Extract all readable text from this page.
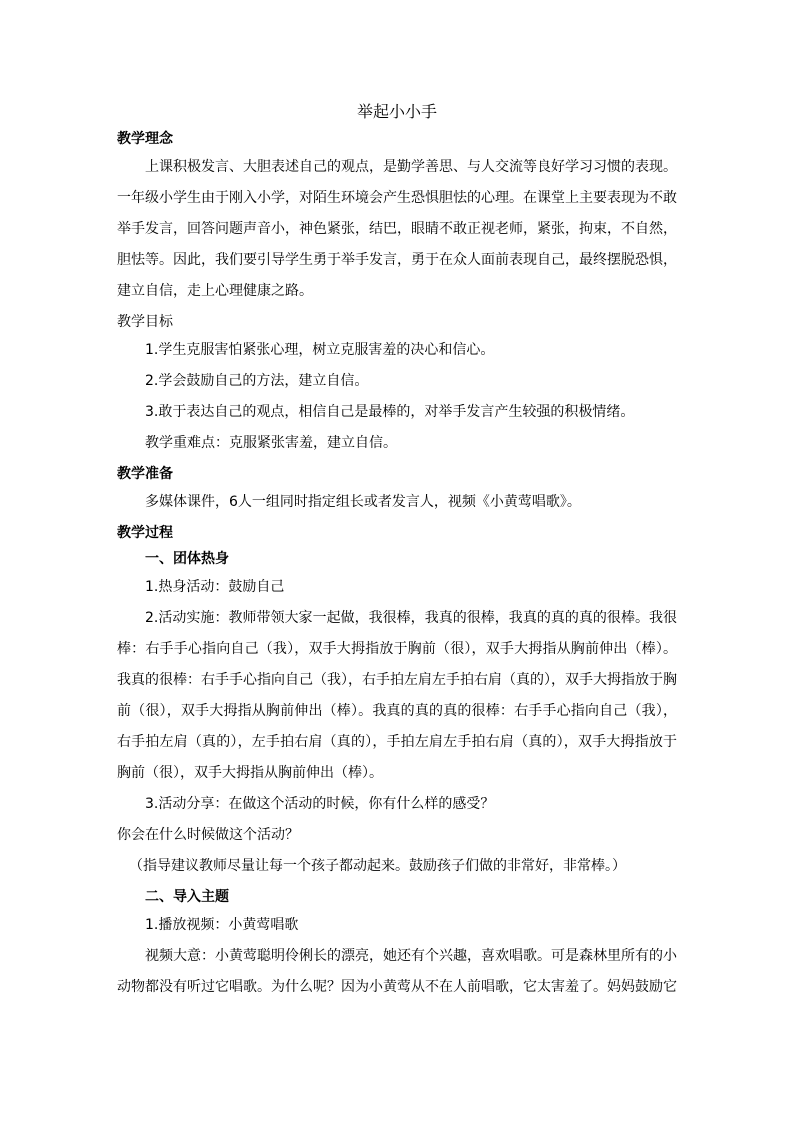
举起小小手
教学理念

上课积极发言、大胆表述自己的观点，是勤学善思、与人交流等良好学习习惯的表现。一年级小学生由于刚入小学，对陌生环境会产生恐惧胆怯的心理。在课堂上主要表现为不敢举手发言，回答问题声音小，神色紧张，结巴，眼睛不敢正视老师，紧张，拘束，不自然，胆怯等。因此，我们要引导学生勇于举手发言，勇于在众人面前表现自己，最终摆脱恐惧，建立自信，走上心理健康之路。

教学目标

1.学生克服害怕紧张心理，树立克服害羞的决心和信心。

2.学会鼓励自己的方法，建立自信。

3.敢于表达自己的观点，相信自己是最棒的，对举手发言产生较强的积极情绪。

教学重难点：克服紧张害羞，建立自信。

教学准备

多媒体课件，6人一组同时指定组长或者发言人，视频《小黄莺唱歌》。

教学过程
一、团体热身

1.热身活动：鼓励自己

2.活动实施：教师带领大家一起做，我很棒，我真的很棒，我真的真的真的很棒。我很棒：右手手心指向自己（我），双手大拇指放于胸前（很），双手大拇指从胸前伸出（棒）。我真的很棒：右手手心指向自己（我），右手拍左肩左手拍右肩（真的），双手大拇指放于胸前（很），双手大拇指从胸前伸出（棒）。我真的真的真的很棒：右手手心指向自己（我），右手拍左肩（真的），左手拍右肩（真的），手拍左肩左手拍右肩（真的），双手大拇指放于胸前（很），双手大拇指从胸前伸出（棒）。

3.活动分享：在做这个活动的时候，你有什么样的感受？

你会在什么时候做这个活动？

（指导建议教师尽量让每一个孩子都动起来。鼓励孩子们做的非常好，非常棒。）

二、导入主题

1.播放视频：小黄莺唱歌

视频大意：小黄莺聪明伶俐长的漂亮，她还有个兴趣，喜欢唱歌。可是森林里所有的小动物都没有听过它唱歌。为什么呢？因为小黄莺从不在人前唱歌，它太害羞了。妈妈鼓励它
